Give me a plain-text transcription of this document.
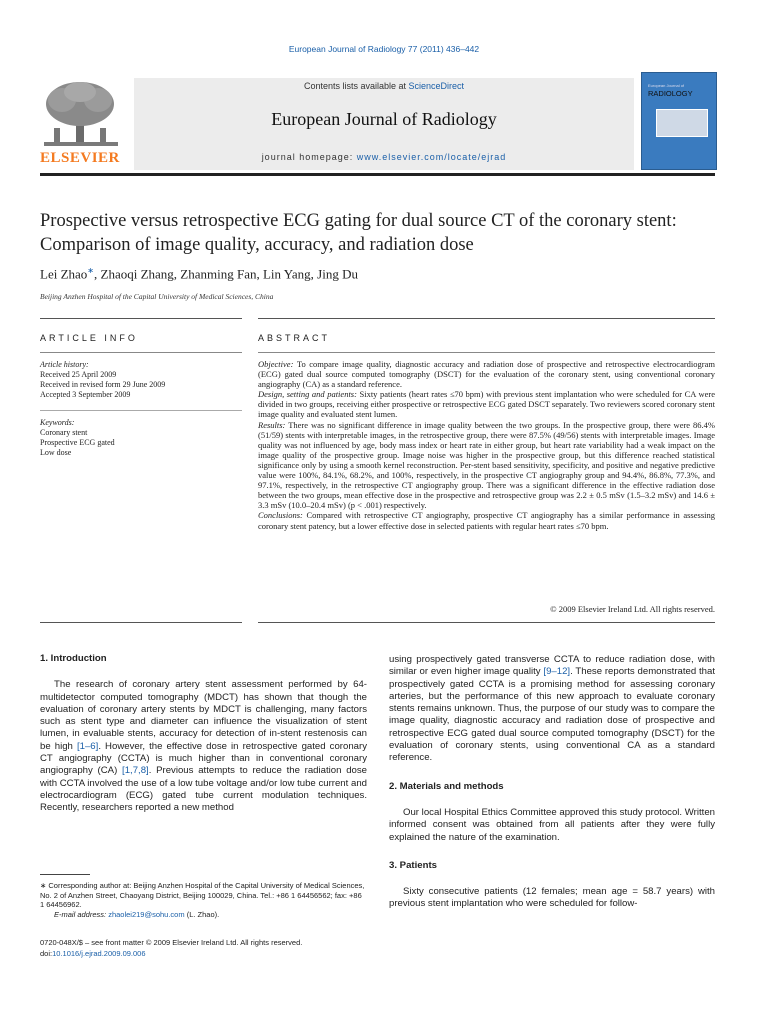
European Journal of Radiology 77 (2011) 436–442
ELSEVIER
Contents lists available at ScienceDirect
European Journal of Radiology
journal homepage: www.elsevier.com/locate/ejrad
European Journal of
RADIOLOGY
Prospective versus retrospective ECG gating for dual source CT of the coronary stent: Comparison of image quality, accuracy, and radiation dose
Lei Zhao∗, Zhaoqi Zhang, Zhanming Fan, Lin Yang, Jing Du
Beijing Anzhen Hospital of the Capital University of Medical Sciences, China
ARTICLE INFO
Article history:
Received 25 April 2009
Received in revised form 29 June 2009
Accepted 3 September 2009
Keywords:
Coronary stent
Prospective ECG gated
Low dose
ABSTRACT

Objective: To compare image quality, diagnostic accuracy and radiation dose of prospective and retrospective electrocardiogram (ECG) gated dual source computed tomography (DSCT) for the evaluation of the coronary stent, using conventional coronary angiography (CA) as a standard reference.

Design, setting and patients: Sixty patients (heart rates ≤70 bpm) with previous stent implantation who were scheduled for CA were divided in two groups, receiving either prospective or retrospective ECG gated DSCT separately. Two reviewers scored coronary stent image quality and evaluated stent lumen.

Results: There was no significant difference in image quality between the two groups. In the prospective group, there were 86.4% (51/59) stents with interpretable images, in the retrospective group, there were 87.5% (49/56) stents with interpretable images. Image quality was not influenced by age, body mass index or heart rate in either group, but heart rate variability had a weak impact on the image quality of the prospective group. Image noise was higher in the prospective group, but this difference reached statistical significance only by using a smooth kernel reconstruction. Per-stent based sensitivity, specificity, and positive and negative predictive value were 100%, 84.1%, 68.2%, and 100%, respectively, in the prospective CT angiography group and 94.4%, 86.8%, 77.3%, and 97.1%, respectively, in the retrospective CT angiography group. There was a significant difference in the effective radiation dose between the two groups, mean effective dose in the prospective and retrospective group was 2.2 ± 0.5 mSv (1.5–3.2 mSv) and 14.6 ± 3.3 mSv (10.0–20.4 mSv) (p < .001) respectively.

Conclusions: Compared with retrospective CT angiography, prospective CT angiography has a similar performance in assessing coronary stent patency, but a lower effective dose in selected patients with regular heart rates ≤70 bpm.

© 2009 Elsevier Ireland Ltd. All rights reserved.
1. Introduction

The research of coronary artery stent assessment performed by 64-multidetector computed tomography (MDCT) has shown that though the evaluation of coronary artery stents by MDCT is challenging, many factors such as stent type and diameter can influence the visualization of stent lumen, in evaluable stents, accuracy for detection of in-stent restenosis can be high [1–6]. However, the effective dose in retrospective gated coronary CT angiography (CCTA) is much higher than in conventional coronary angiography (CA) [1,7,8]. Previous attempts to reduce the radiation dose with CCTA involved the use of a low tube voltage and/or low tube current and electrocardiogram (ECG) gated tube current modulation techniques. Recently, researchers reported a new method

using prospectively gated transverse CCTA to reduce radiation dose, with similar or even higher image quality [9–12]. These reports demonstrated that prospectively gated CCTA is a promising method for assessing coronary arteries, but the performance of this new approach to evaluate coronary stents remains unknown. Thus, the purpose of our study was to compare the image quality, diagnostic accuracy and radiation dose of prospective and retrospective ECG gated dual source computed tomography (DSCT) for the evaluation of coronary stents, using conventional CA as a standard reference.

2. Materials and methods

Our local Hospital Ethics Committee approved this study protocol. Written informed consent was obtained from all patients after they were fully explained the nature of the examination.

3. Patients

Sixty consecutive patients (12 females; mean age = 58.7 years) with previous stent implantation who were scheduled for follow-

∗ Corresponding author at: Beijing Anzhen Hospital of the Capital University of Medical Sciences, No. 2 of Anzhen Street, Chaoyang District, Beijing 100029, China. Tel.: +86 1 64456562; fax: +86 1 64456962.

E-mail address: zhaolei219@sohu.com (L. Zhao).

0720-048X/$ – see front matter © 2009 Elsevier Ireland Ltd. All rights reserved.
doi:10.1016/j.ejrad.2009.09.006
